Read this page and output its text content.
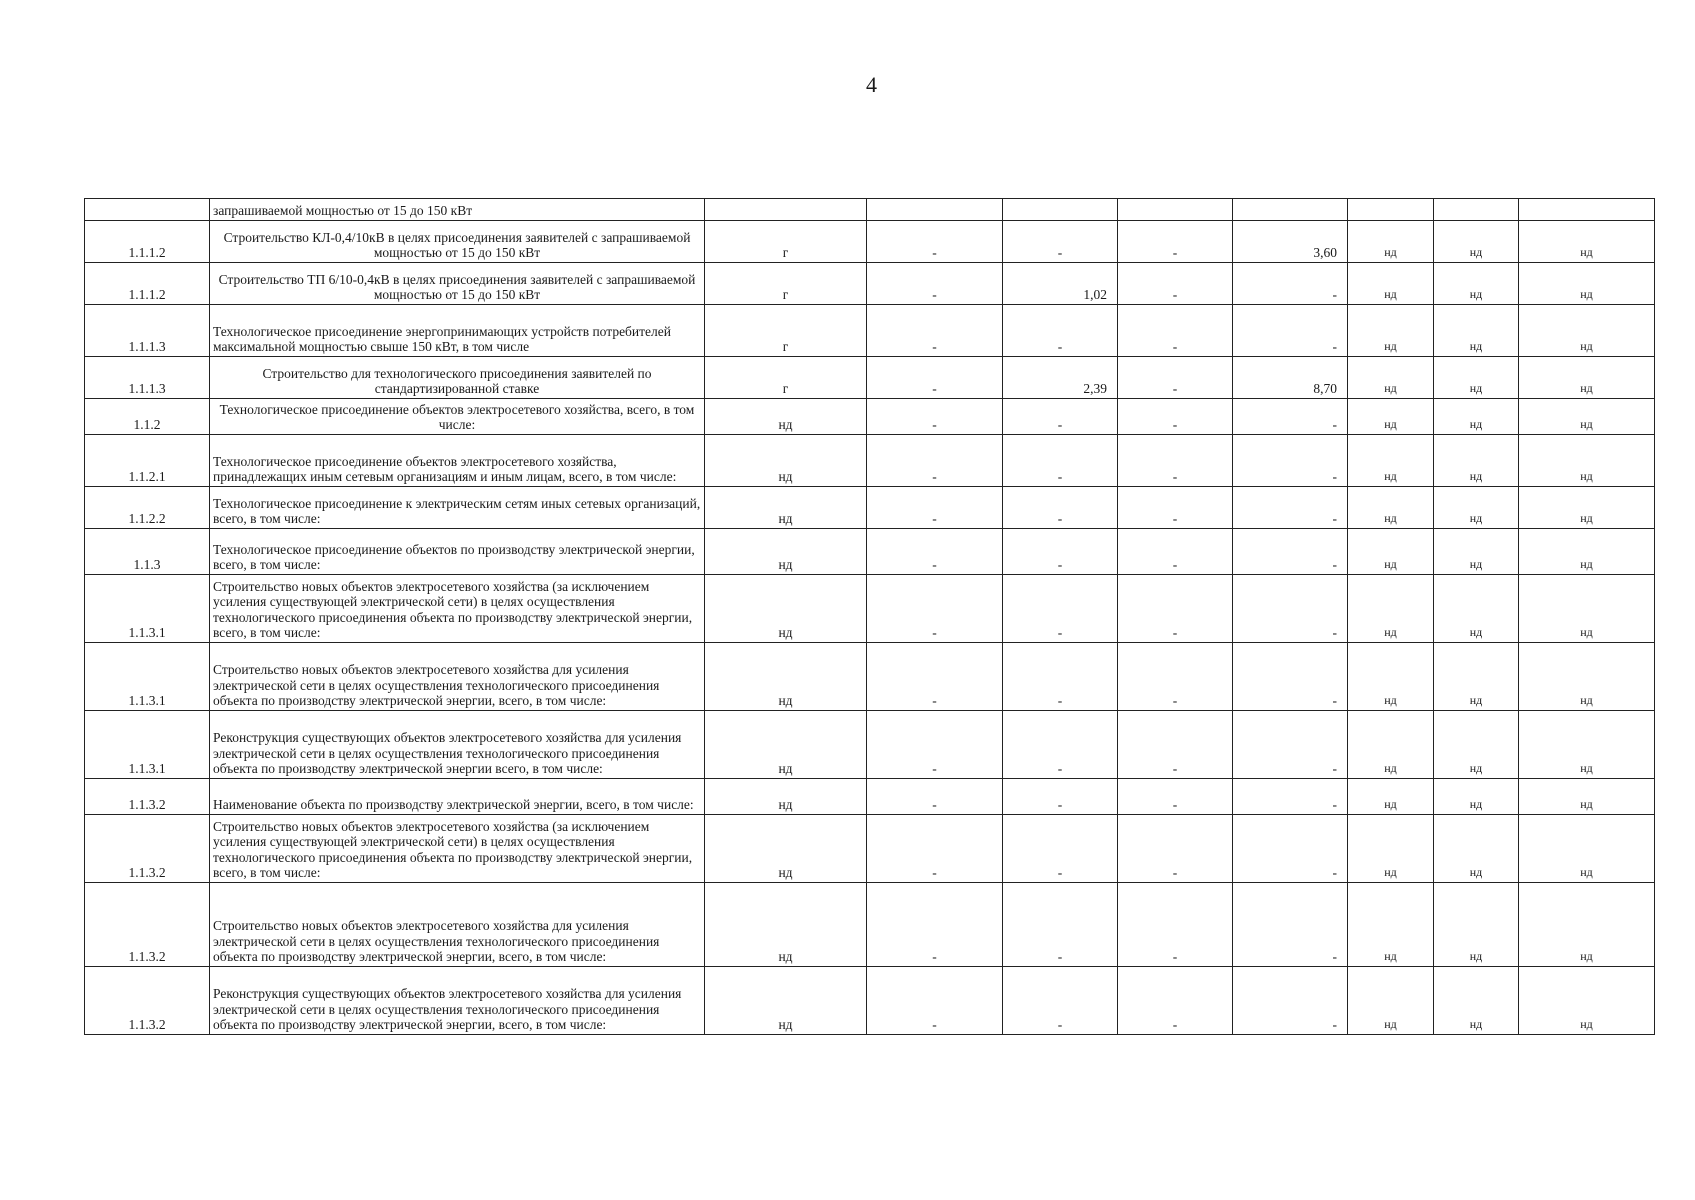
4
	запрашиваемой мощностью от 15 до 150 кВт								
1.1.1.2	Строительство КЛ-0,4/10кВ в целях присоединения заявителей с запрашиваемой мощностью от 15 до 150 кВт	г	-	-	-	3,60	нд	нд	нд
1.1.1.2	Строительство ТП 6/10-0,4кВ в целях присоединения заявителей с запрашиваемой мощностью от 15 до 150 кВт	г	-	1,02	-	-	нд	нд	нд
1.1.1.3	Технологическое присоединение энергопринимающих устройств потребителей максимальной мощностью свыше 150 кВт, в том числе	г	-	-	-	-	нд	нд	нд
1.1.1.3	Строительство для технологического присоединения заявителей по стандартизированной ставке	г	-	2,39	-	8,70	нд	нд	нд
1.1.2	Технологическое присоединение объектов электросетевого хозяйства, всего, в том числе:	нд	-	-	-	-	нд	нд	нд
1.1.2.1	Технологическое присоединение объектов электросетевого хозяйства, принадлежащих иным сетевым организациям и иным лицам, всего, в том числе:	нд	-	-	-	-	нд	нд	нд
1.1.2.2	Технологическое присоединение к электрическим сетям иных сетевых организаций, всего, в том числе:	нд	-	-	-	-	нд	нд	нд
1.1.3	Технологическое присоединение объектов по производству электрической энергии, всего, в том числе:	нд	-	-	-	-	нд	нд	нд
1.1.3.1	Строительство новых объектов электросетевого хозяйства (за исключением усиления существующей электрической сети) в целях осуществления технологического присоединения объекта по производству электрической энергии, всего, в том числе:	нд	-	-	-	-	нд	нд	нд
1.1.3.1	Строительство новых объектов электросетевого хозяйства для усиления электрической сети в целях осуществления технологического присоединения объекта по производству электрической энергии, всего, в том числе:	нд	-	-	-	-	нд	нд	нд
1.1.3.1	Реконструкция существующих объектов электросетевого хозяйства для усиления электрической сети в целях осуществления технологического присоединения объекта по производству электрической энергии всего, в том числе:	нд	-	-	-	-	нд	нд	нд
1.1.3.2	Наименование объекта по производству электрической энергии, всего, в том числе:	нд	-	-	-	-	нд	нд	нд
1.1.3.2	Строительство новых объектов электросетевого хозяйства (за исключением усиления существующей электрической сети) в целях осуществления технологического присоединения объекта по производству электрической энергии, всего, в том числе:	нд	-	-	-	-	нд	нд	нд
1.1.3.2	Строительство новых объектов электросетевого хозяйства для усиления электрической сети в целях осуществления технологического присоединения объекта по производству электрической энергии, всего, в том числе:	нд	-	-	-	-	нд	нд	нд
1.1.3.2	Реконструкция существующих объектов электросетевого хозяйства для усиления электрической сети в целях осуществления технологического присоединения объекта по производству электрической энергии, всего, в том числе:	нд	-	-	-	-	нд	нд	нд
